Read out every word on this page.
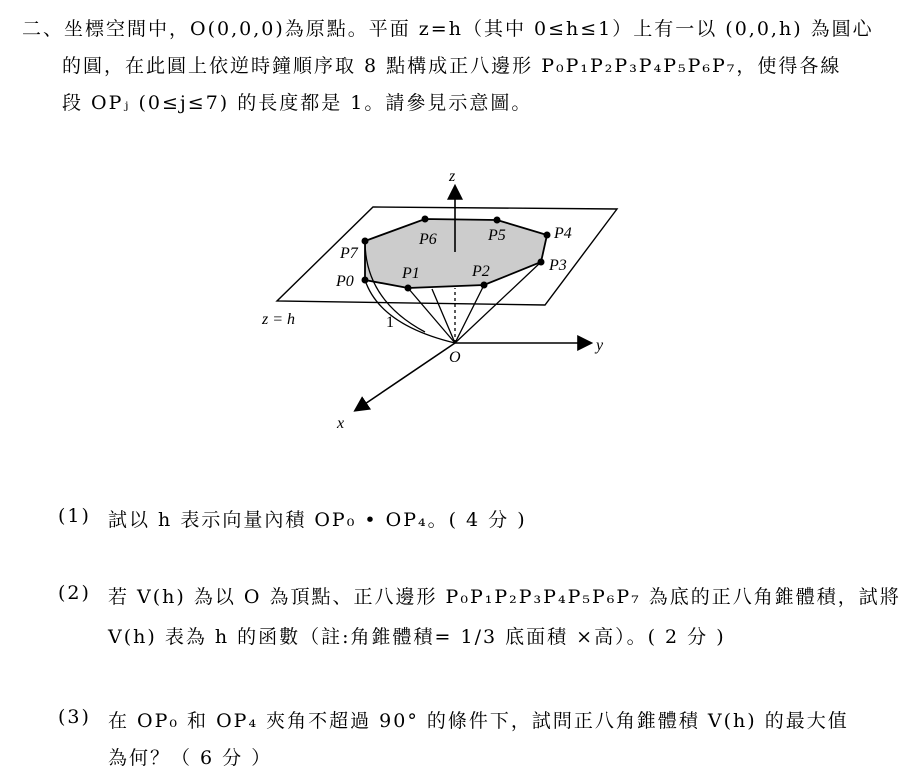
二、坐標空間中，O(0,0,0)為原點。平面 z=h（其中 0≤h≤1）上有一以 (0,0,h) 為圓心
的圓，在此圓上依逆時鐘順序取 8 點構成正八邊形 P₀P₁P₂P₃P₄P₅P₆P₇，使得各線
段 OPⱼ (0≤j≤7) 的長度都是 1。請參見示意圖。
z
y
x
O
z = h
P0
P7
P6	P5	P4
P3
P2
P1
1
(1) 試以 h 表示向量內積 OP₀ • OP₄。( 4 分 )
(2) 若 V(h) 為以 O 為頂點、正八邊形 P₀P₁P₂P₃P₄P₅P₆P₇ 為底的正八角錐體積，試將
V(h) 表為 h 的函數（註:角錐體積= 1/3 底面積 ×高）。( 2 分 )
(3) 在 OP₀ 和 OP₄ 夾角不超過 90° 的條件下，試問正八角錐體積 V(h) 的最大值
為何？（ 6 分 ）
